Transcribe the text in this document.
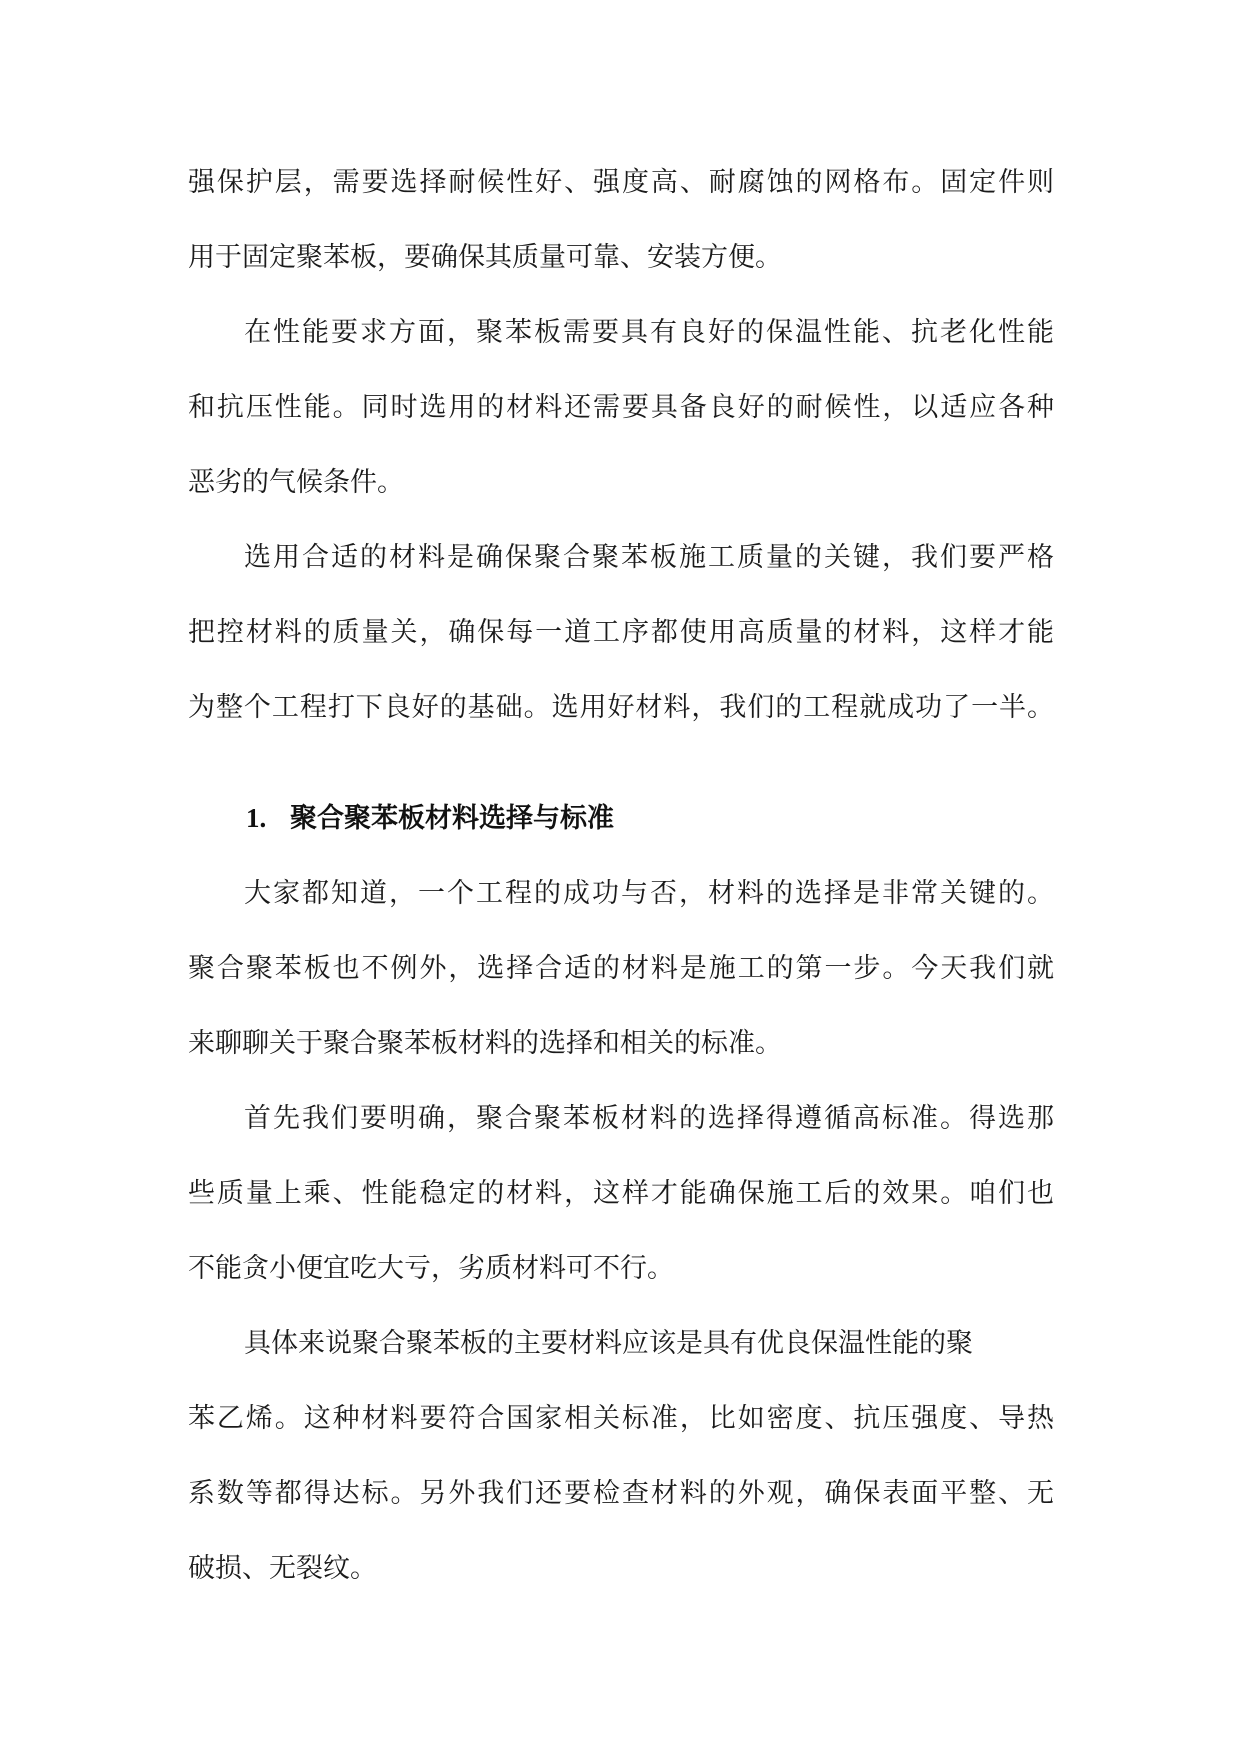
强保护层，需要选择耐候性好、强度高、耐腐蚀的网格布。固定件则
用于固定聚苯板，要确保其质量可靠、安装方便。
在性能要求方面，聚苯板需要具有良好的保温性能、抗老化性能
和抗压性能。同时选用的材料还需要具备良好的耐候性，以适应各种
恶劣的气候条件。
选用合适的材料是确保聚合聚苯板施工质量的关键，我们要严格
把控材料的质量关，确保每一道工序都使用高质量的材料，这样才能
为整个工程打下良好的基础。选用好材料，我们的工程就成功了一半。
1. 聚合聚苯板材料选择与标准
大家都知道，一个工程的成功与否，材料的选择是非常关键的。
聚合聚苯板也不例外，选择合适的材料是施工的第一步。今天我们就
来聊聊关于聚合聚苯板材料的选择和相关的标准。
首先我们要明确，聚合聚苯板材料的选择得遵循高标准。得选那
些质量上乘、性能稳定的材料，这样才能确保施工后的效果。咱们也
不能贪小便宜吃大亏，劣质材料可不行。
具体来说聚合聚苯板的主要材料应该是具有优良保温性能的聚
苯乙烯。这种材料要符合国家相关标准，比如密度、抗压强度、导热
系数等都得达标。另外我们还要检查材料的外观，确保表面平整、无
破损、无裂纹。
